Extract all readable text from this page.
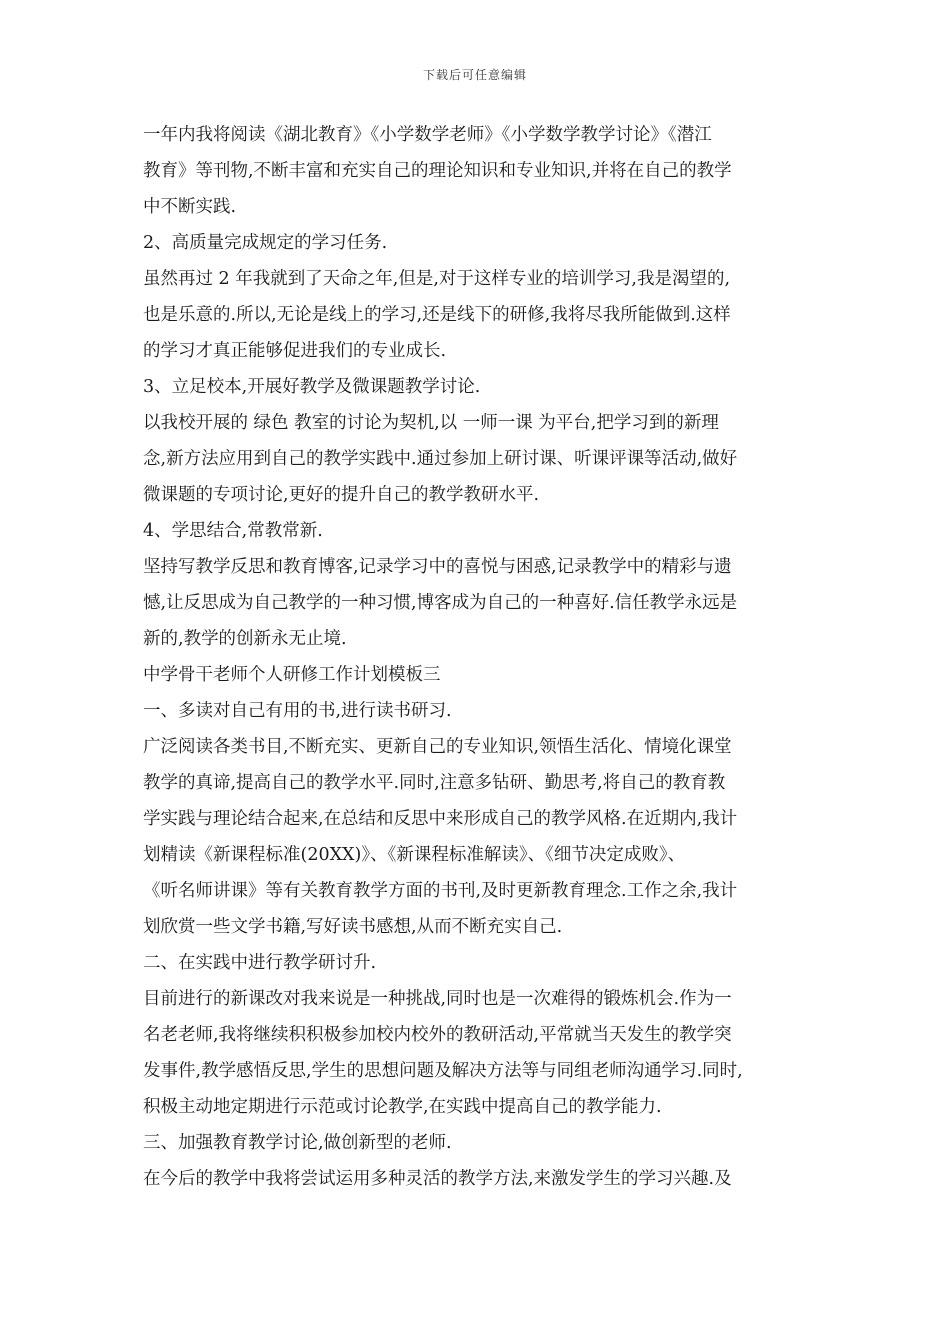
下载后可任意编辑
一年内我将阅读《湖北教育》《小学数学老师》《小学数学教学讨论》《潜江
教育》等刊物,不断丰富和充实自己的理论知识和专业知识,并将在自己的教学
中不断实践.
2、高质量完成规定的学习任务.
虽然再过 2 年我就到了天命之年,但是,对于这样专业的培训学习,我是渴望的,
也是乐意的.所以,无论是线上的学习,还是线下的研修,我将尽我所能做到.这样
的学习才真正能够促进我们的专业成长.
3、立足校本,开展好教学及微课题教学讨论.
以我校开展的 绿色 教室的讨论为契机,以 一师一课 为平台,把学习到的新理
念,新方法应用到自己的教学实践中.通过参加上研讨课、听课评课等活动,做好
微课题的专项讨论,更好的提升自己的教学教研水平.
4、学思结合,常教常新.
坚持写教学反思和教育博客,记录学习中的喜悦与困惑,记录教学中的精彩与遗
憾,让反思成为自己教学的一种习惯,博客成为自己的一种喜好.信任教学永远是
新的,教学的创新永无止境.
中学骨干老师个人研修工作计划模板三
一、多读对自己有用的书,进行读书研习.
广泛阅读各类书目,不断充实、更新自己的专业知识,领悟生活化、情境化课堂
教学的真谛,提高自己的教学水平.同时,注意多钻研、勤思考,将自己的教育教
学实践与理论结合起来,在总结和反思中来形成自己的教学风格.在近期内,我计
划精读《新课程标准(20XX)》、《新课程标准解读》、《细节决定成败》、
《听名师讲课》等有关教育教学方面的书刊,及时更新教育理念.工作之余,我计
划欣赏一些文学书籍,写好读书感想,从而不断充实自己.
二、在实践中进行教学研讨升.
目前进行的新课改对我来说是一种挑战,同时也是一次难得的锻炼机会.作为一
名老老师,我将继续积积极参加校内校外的教研活动,平常就当天发生的教学突
发事件,教学感悟反思,学生的思想问题及解决方法等与同组老师沟通学习.同时,
积极主动地定期进行示范或讨论教学,在实践中提高自己的教学能力.
三、加强教育教学讨论,做创新型的老师.
在今后的教学中我将尝试运用多种灵活的教学方法,来激发学生的学习兴趣.及
